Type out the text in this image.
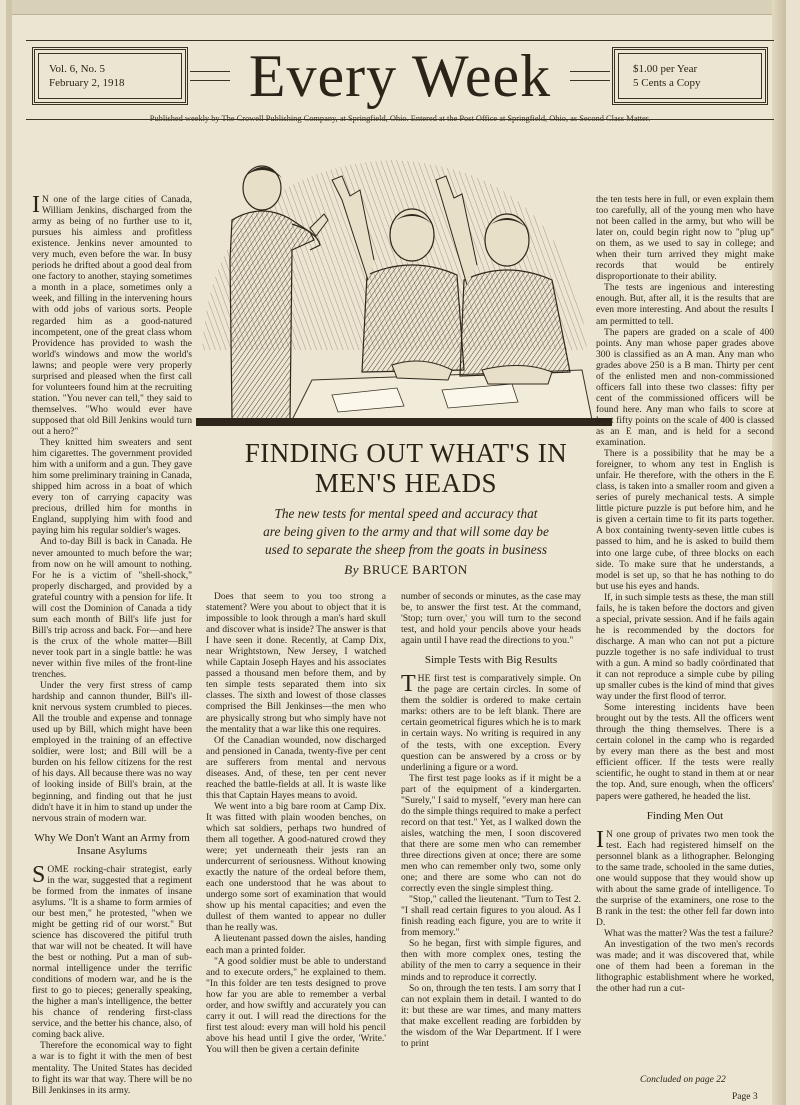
Vol. 6, No. 5
February 2, 1918	Every Week	$1.00 per Year
5 Cents a Copy
Published weekly by The Crowell Publishing Company, at Springfield, Ohio. Entered at the Post Office at Springfield, Ohio, as Second Class Matter.
FINDING OUT WHAT'S IN
MEN'S HEADS
The new tests for mental speed and accuracy that
are being given to the army and that will some day be
used to separate the sheep from the goats in business
By BRUCE BARTON

IN one of the large cities of Canada, William Jenkins, discharged from the army as being of no further use to it, pursues his aimless and profitless existence. Jenkins never amounted to very much, even before the war. In busy periods he drifted about a good deal from one factory to another, staying sometimes a month in a place, sometimes only a week, and filling in the intervening hours with odd jobs of various sorts. People regarded him as a good-natured incompetent, one of the great class whom Providence has provided to wash the world's windows and mow the world's lawns; and people were very properly surprised and pleased when the first call for volunteers found him at the recruiting station. "You never can tell," they said to themselves. "Who would ever have supposed that old Bill Jenkins would turn out a hero?"

They knitted him sweaters and sent him cigarettes. The government provided him with a uniform and a gun. They gave him some preliminary training in Canada, shipped him across in a boat of which every ton of carrying capacity was precious, drilled him for months in England, supplying him with food and paying him his regular soldier's wages.

And to-day Bill is back in Canada. He never amounted to much before the war; from now on he will amount to nothing. For he is a victim of "shell-shock," properly discharged, and provided by a grateful country with a pension for life. It will cost the Dominion of Canada a tidy sum each month of Bill's life just for Bill's trip across and back. For—and here is the crux of the whole matter—Bill never took part in a single battle: he was never within five miles of the front-line trenches.

Under the very first stress of camp hardship and cannon thunder, Bill's ill-knit nervous system crumbled to pieces. All the trouble and expense and tonnage used up by Bill, which might have been employed in the training of an effective soldier, were lost; and Bill will be a burden on his fellow citizens for the rest of his days. All because there was no way of looking inside of Bill's brain, at the beginning, and finding out that he just didn't have it in him to stand up under the nervous strain of modern war.

Why We Don't Want an Army from Insane Asylums

SOME rocking-chair strategist, early in the war, suggested that a regiment be formed from the inmates of insane asylums. "It is a shame to form armies of our best men," he protested, "when we might be getting rid of our worst." But science has discovered the pitiful truth that war will not be cheated. It will have the best or nothing. Put a man of sub-normal intelligence under the terrific conditions of modern war, and he is the first to go to pieces; generally speaking, the higher a man's intelligence, the better his chance of rendering first-class service, and the better his chance, also, of coming back alive.

Therefore the economical way to fight a war is to fight it with the men of best mentality. The United States has decided to fight its war that way. There will be no Bill Jenkinses in its army.

Does that seem to you too strong a statement? Were you about to object that it is impossible to look through a man's hard skull and discover what is inside? The answer is that I have seen it done. Recently, at Camp Dix, near Wrightstown, New Jersey, I watched while Captain Joseph Hayes and his associates passed a thousand men before them, and by ten simple tests separated them into six classes. The sixth and lowest of those classes comprised the Bill Jenkinses—the men who are physically strong but who simply have not the mentality that a war like this one requires.

Of the Canadian wounded, now discharged and pensioned in Canada, twenty-five per cent are sufferers from mental and nervous diseases. And, of these, ten per cent never reached the battle-fields at all. It is waste like this that Captain Hayes means to avoid.

We went into a big bare room at Camp Dix. It was fitted with plain wooden benches, on which sat soldiers, perhaps two hundred of them all together. A good-natured crowd they were; yet underneath their jests ran an undercurrent of seriousness. Without knowing exactly the nature of the ordeal before them, each one understood that he was about to undergo some sort of examination that would show up his mental capacities; and even the dullest of them wanted to appear no duller than he really was.

A lieutenant passed down the aisles, handing each man a printed folder.

"A good soldier must be able to understand and to execute orders," he explained to them. "In this folder are ten tests designed to prove how far you are able to remember a verbal order, and how swiftly and accurately you can carry it out. I will read the directions for the first test aloud: every man will hold his pencil above his head until I give the order, 'Write.' You will then be given a certain definite

number of seconds or minutes, as the case may be, to answer the first test. At the command, 'Stop; turn over,' you will turn to the second test, and hold your pencils above your heads again until I have read the directions to you."

Simple Tests with Big Results

THE first test is comparatively simple. On the page are certain circles. In some of them the soldier is ordered to make certain marks: others are to be left blank. There are certain geometrical figures which he is to mark in certain ways. No writing is required in any of the tests, with one exception. Every question can be answered by a cross or by underlining a figure or a word.

The first test page looks as if it might be a part of the equipment of a kindergarten. "Surely," I said to myself, "every man here can do the simple things required to make a perfect record on that test." Yet, as I walked down the aisles, watching the men, I soon discovered that there are some men who can remember three directions given at once; there are some men who can remember only two, some only one; and there are some who can not do correctly even the single simplest thing.

"Stop," called the lieutenant. "Turn to Test 2. "I shall read certain figures to you aloud. As I finish reading each figure, you are to write it from memory."

So he began, first with simple figures, and then with more complex ones, testing the ability of the men to carry a sequence in their minds and to reproduce it correctly.

So on, through the ten tests. I am sorry that I can not explain them in detail. I wanted to do it: but these are war times, and many matters that make excellent reading are forbidden by the wisdom of the War Department. If I were to print

the ten tests here in full, or even explain them too carefully, all of the young men who have not been called in the army, but who will be later on, could begin right now to "plug up" on them, as we used to say in college; and when their turn arrived they might make records that would be entirely disproportionate to their ability.

The tests are ingenious and interesting enough. But, after all, it is the results that are even more interesting. And about the results I am permitted to tell.

The papers are graded on a scale of 400 points. Any man whose paper grades above 300 is classified as an A man. Any man who grades above 250 is a B man. Thirty per cent of the enlisted men and non-commissioned officers fall into these two classes: fifty per cent of the commissioned officers will be found here. Any man who fails to score at least fifty points on the scale of 400 is classed as an E man, and is held for a second examination.

There is a possibility that he may be a foreigner, to whom any test in English is unfair. He therefore, with the others in the E class, is taken into a smaller room and given a series of purely mechanical tests. A simple little picture puzzle is put before him, and he is given a certain time to fit its parts together. A box containing twenty-seven little cubes is passed to him, and he is asked to build them into one large cube, of three blocks on each side. To make sure that he understands, a model is set up, so that he has nothing to do but use his eyes and hands.

If, in such simple tests as these, the man still fails, he is taken before the doctors and given a special, private session. And if he fails again he is recommended by the doctors for discharge. A man who can not put a picture puzzle together is no safe individual to trust with a gun. A mind so badly coördinated that it can not reproduce a simple cube by piling up smaller cubes is the kind of mind that gives way under the first flood of terror.

Some interesting incidents have been brought out by the tests. All the officers went through the thing themselves. There is a certain colonel in the camp who is regarded by every man there as the best and most efficient officer. If the tests were really scientific, he ought to stand in them at or near the top. And, sure enough, when the officers' papers were gathered, he headed the list.

Finding Men Out

IN one group of privates two men took the test. Each had registered himself on the personnel blank as a lithographer. Belonging to the same trade, schooled in the same duties, one would suppose that they would show up with about the same grade of intelligence. To the surprise of the examiners, one rose to the B rank in the test: the other fell far down into D.

What was the matter? Was the test a failure?

An investigation of the two men's records was made; and it was discovered that, while one of them had been a foreman in the lithographic establishment where he worked, the other had run a cut-

Concluded on page 22
Page 3
